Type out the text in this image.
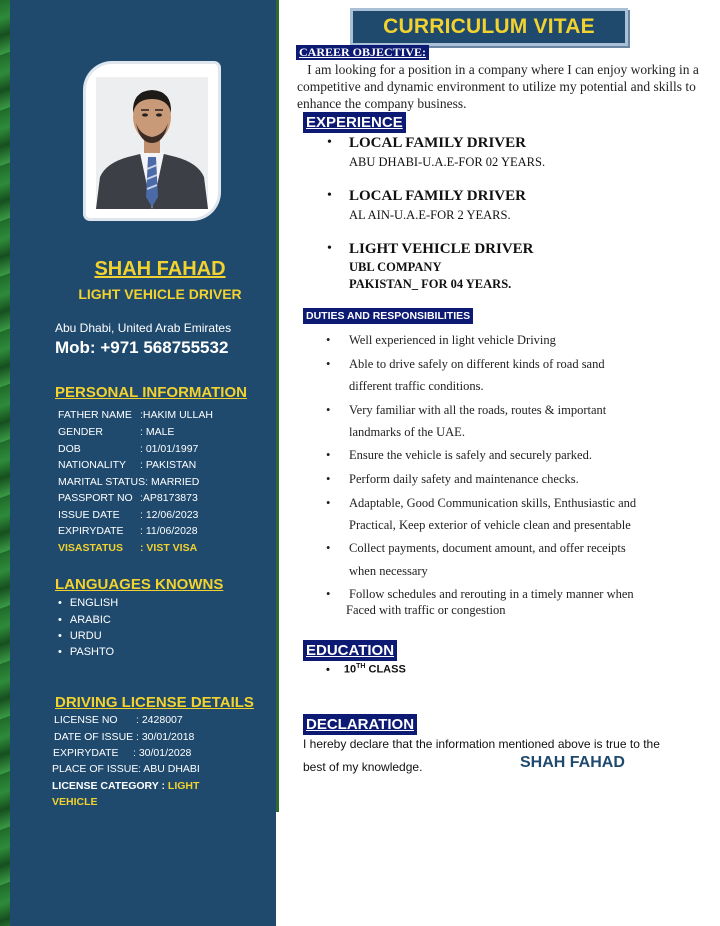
SHAH FAHAD
LIGHT VEHICLE DRIVER
Abu Dhabi, United Arab Emirates
Mob: +971 568755532
PERSONAL INFORMATION
FATHER NAME :HAKIM ULLAH
GENDER	: MALE
DOB	: 01/01/1997
NATIONALITY : PAKISTAN
MARITAL STATUS: MARRIED
PASSPORT NO :AP8173873
ISSUE DATE : 12/06/2023
EXPIRYDATE : 11/06/2028
VISASTATUS : VIST VISA
LANGUAGES KNOWNS
• ENGLISH
• ARABIC
• URDU
• PASHTO
DRIVING LICENSE DETAILS
LICENSE NO : 2428007
DATE OF ISSUE : 30/01/2018
EXPIRYDATE : 30/01/2028
PLACE OF ISSUE: ABU DHABI
LICENSE CATEGORY : LIGHT
VEHICLE
CURRICULUM VITAE
CAREER OBJECTIVE:
I am looking for a position in a company where I can enjoy working in a competitive and dynamic environment to utilize my potential and skills to enhance the company business.
EXPERIENCE
• LOCAL FAMILY DRIVER
ABU DHABI-U.A.E-FOR 02 YEARS.
• LOCAL FAMILY DRIVER
AL AIN-U.A.E-FOR 2 YEARS.
• LIGHT VEHICLE DRIVER
UBL COMPANY
PAKISTAN_ FOR 04 YEARS.
DUTIES AND RESPONSIBILITIES
• Well experienced in light vehicle Driving
• Able to drive safely on different kinds of road sand
different traffic conditions.
• Very familiar with all the roads, routes & important
landmarks of the UAE.
• Ensure the vehicle is safely and securely parked.
• Perform daily safety and maintenance checks.
• Adaptable, Good Communication skills, Enthusiastic and
Practical, Keep exterior of vehicle clean and presentable
• Collect payments, document amount, and offer receipts
when necessary
• Follow schedules and rerouting in a timely manner when
Faced with traffic or congestion
EDUCATION
• 10TH CLASS
DECLARATION
I hereby declare that the information mentioned above is true to the
best of my knowledge.	SHAH FAHAD
